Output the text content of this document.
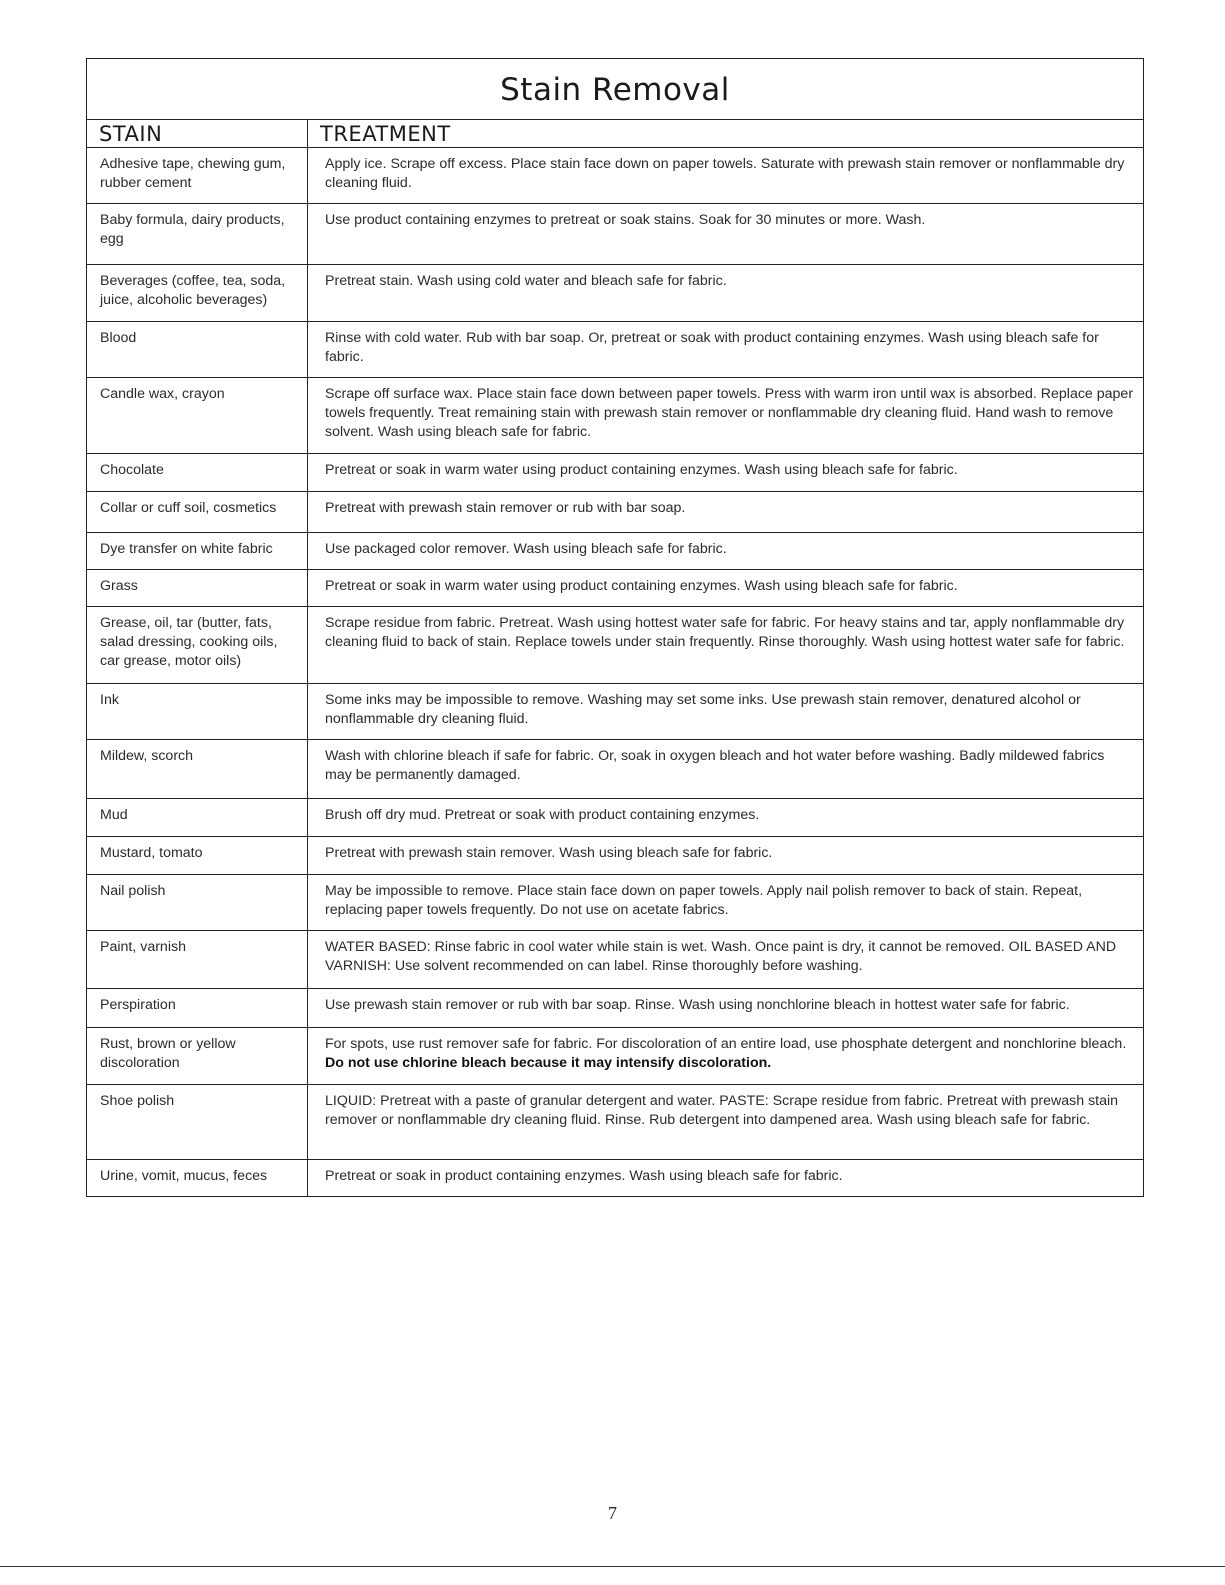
Stain Removal	
STAIN	TREATMENT
Adhesive tape, chewing gum, rubber cement	Apply ice. Scrape off excess. Place stain face down on paper towels. Saturate with prewash stain remover or nonflammable dry cleaning fluid.
Baby formula, dairy products, egg	Use product containing enzymes to pretreat or soak stains. Soak for 30 minutes or more. Wash.
Beverages (coffee, tea, soda, juice, alcoholic beverages)	Pretreat stain. Wash using cold water and bleach safe for fabric.
Blood	Rinse with cold water. Rub with bar soap. Or, pretreat or soak with product containing enzymes. Wash using bleach safe for fabric.
Candle wax, crayon	Scrape off surface wax. Place stain face down between paper towels. Press with warm iron until wax is absorbed. Replace paper towels frequently. Treat remaining stain with prewash stain remover or nonflammable dry cleaning fluid. Hand wash to remove solvent. Wash using bleach safe for fabric.
Chocolate	Pretreat or soak in warm water using product containing enzymes. Wash using bleach safe for fabric.
Collar or cuff soil, cosmetics	Pretreat with prewash stain remover or rub with bar soap.
Dye transfer on white fabric	Use packaged color remover. Wash using bleach safe for fabric.
Grass	Pretreat or soak in warm water using product containing enzymes. Wash using bleach safe for fabric.
Grease, oil, tar (butter, fats, salad dressing, cooking oils, car grease, motor oils)	Scrape residue from fabric. Pretreat. Wash using hottest water safe for fabric. For heavy stains and tar, apply nonflammable dry cleaning fluid to back of stain. Replace towels under stain frequently. Rinse thoroughly. Wash using hottest water safe for fabric.
Ink	Some inks may be impossible to remove. Washing may set some inks. Use prewash stain remover, denatured alcohol or nonflammable dry cleaning fluid.
Mildew, scorch	Wash with chlorine bleach if safe for fabric. Or, soak in oxygen bleach and hot water before washing. Badly mildewed fabrics may be permanently damaged.
Mud	Brush off dry mud. Pretreat or soak with product containing enzymes.
Mustard, tomato	Pretreat with prewash stain remover. Wash using bleach safe for fabric.
Nail polish	May be impossible to remove. Place stain face down on paper towels. Apply nail polish remover to back of stain. Repeat, replacing paper towels frequently. Do not use on acetate fabrics.
Paint, varnish	WATER BASED: Rinse fabric in cool water while stain is wet. Wash. Once paint is dry, it cannot be removed. OIL BASED AND VARNISH: Use solvent recommended on can label. Rinse thoroughly before washing.
Perspiration	Use prewash stain remover or rub with bar soap. Rinse. Wash using nonchlorine bleach in hottest water safe for fabric.
Rust, brown or yellow discoloration	For spots, use rust remover safe for fabric. For discoloration of an entire load, use phosphate detergent and nonchlorine bleach. Do not use chlorine bleach because it may intensify discoloration.
Shoe polish	LIQUID: Pretreat with a paste of granular detergent and water. PASTE: Scrape residue from fabric. Pretreat with prewash stain remover or nonflammable dry cleaning fluid. Rinse. Rub detergent into dampened area. Wash using bleach safe for fabric.
Urine, vomit, mucus, feces	Pretreat or soak in product containing enzymes. Wash using bleach safe for fabric.
7
